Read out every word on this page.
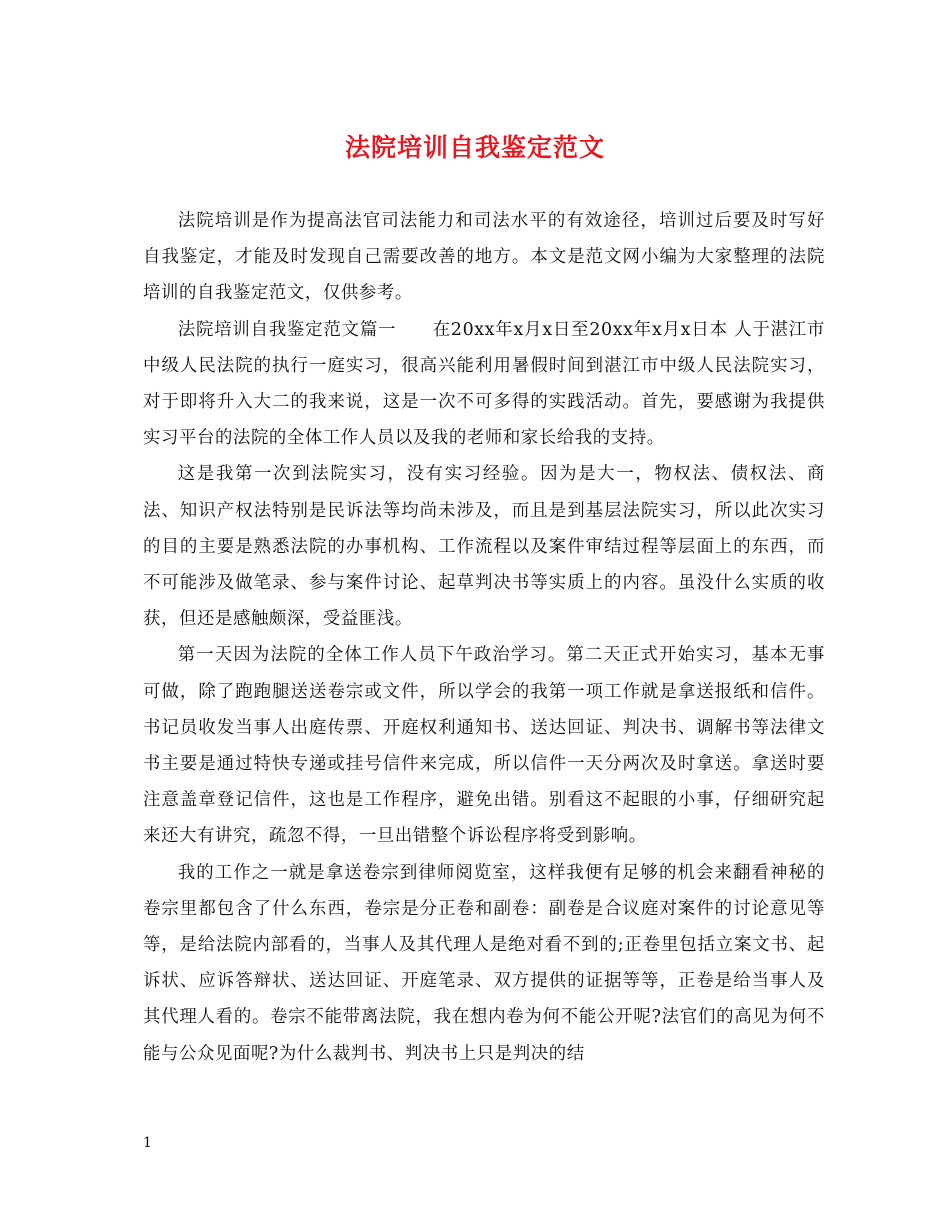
法院培训自我鉴定范文

法院培训是作为提高法官司法能力和司法水平的有效途径，培训过后要及时写好自我鉴定，才能及时发现自己需要改善的地方。本文是范文网小编为大家整理的法院培训的自我鉴定范文，仅供参考。

法院培训自我鉴定范文篇一　　在20xx年x月x日至20xx年x月x日本 人于湛江市中级人民法院的执行一庭实习，很高兴能利用暑假时间到湛江市中级人民法院实习，对于即将升入大二的我来说，这是一次不可多得的实践活动。首先，要感谢为我提供实习平台的法院的全体工作人员以及我的老师和家长给我的支持。

这是我第一次到法院实习，没有实习经验。因为是大一，物权法、债权法、商法、知识产权法特别是民诉法等均尚未涉及，而且是到基层法院实习，所以此次实习的目的主要是熟悉法院的办事机构、工作流程以及案件审结过程等层面上的东西，而不可能涉及做笔录、参与案件讨论、起草判决书等实质上的内容。虽没什么实质的收获，但还是感触颇深，受益匪浅。

第一天因为法院的全体工作人员下午政治学习。第二天正式开始实习，基本无事可做，除了跑跑腿送送卷宗或文件，所以学会的我第一项工作就是拿送报纸和信件。书记员收发当事人出庭传票、开庭权利通知书、送达回证、判决书、调解书等法律文书主要是通过特快专递或挂号信件来完成，所以信件一天分两次及时拿送。拿送时要注意盖章登记信件，这也是工作程序，避免出错。别看这不起眼的小事，仔细研究起来还大有讲究，疏忽不得，一旦出错整个诉讼程序将受到影响。

我的工作之一就是拿送卷宗到律师阅览室，这样我便有足够的机会来翻看神秘的卷宗里都包含了什么东西，卷宗是分正卷和副卷：副卷是合议庭对案件的讨论意见等等，是给法院内部看的，当事人及其代理人是绝对看不到的;正卷里包括立案文书、起诉状、应诉答辩状、送达回证、开庭笔录、双方提供的证据等等，正卷是给当事人及其代理人看的。卷宗不能带离法院，我在想内卷为何不能公开呢?法官们的高见为何不能与公众见面呢?为什么裁判书、判决书上只是判决的结

1
